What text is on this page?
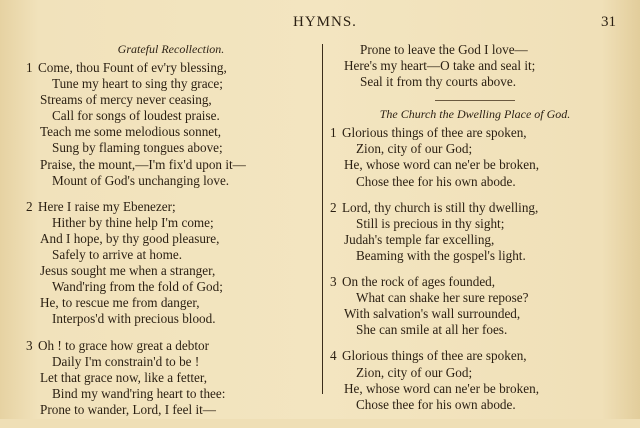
HYMNS.	31
Grateful Recollection.
1 Come, thou Fount of ev'ry blessing,
Tune my heart to sing thy grace;
Streams of mercy never ceasing,
Call for songs of loudest praise.
Teach me some melodious sonnet,
Sung by flaming tongues above;
Praise, the mount,—I'm fix'd upon it—
Mount of God's unchanging love.
2 Here I raise my Ebenezer;
Hither by thine help I'm come;
And I hope, by thy good pleasure,
Safely to arrive at home.
Jesus sought me when a stranger,
Wand'ring from the fold of God;
He, to rescue me from danger,
Interpos'd with precious blood.
3 Oh ! to grace how great a debtor
Daily I'm constrain'd to be !
Let that grace now, like a fetter,
Bind my wand'ring heart to thee:
Prone to wander, Lord, I feel it—
Prone to leave the God I love—
Here's my heart—O take and seal it;
Seal it from thy courts above.
The Church the Dwelling Place of God.
1 Glorious things of thee are spoken,
Zion, city of our God;
He, whose word can ne'er be broken,
Chose thee for his own abode.
2 Lord, thy church is still thy dwelling,
Still is precious in thy sight;
Judah's temple far excelling,
Beaming with the gospel's light.
3 On the rock of ages founded,
What can shake her sure repose?
With salvation's wall surrounded,
She can smile at all her foes.
4 Glorious things of thee are spoken,
Zion, city of our God;
He, whose word can ne'er be broken,
Chose thee for his own abode.
